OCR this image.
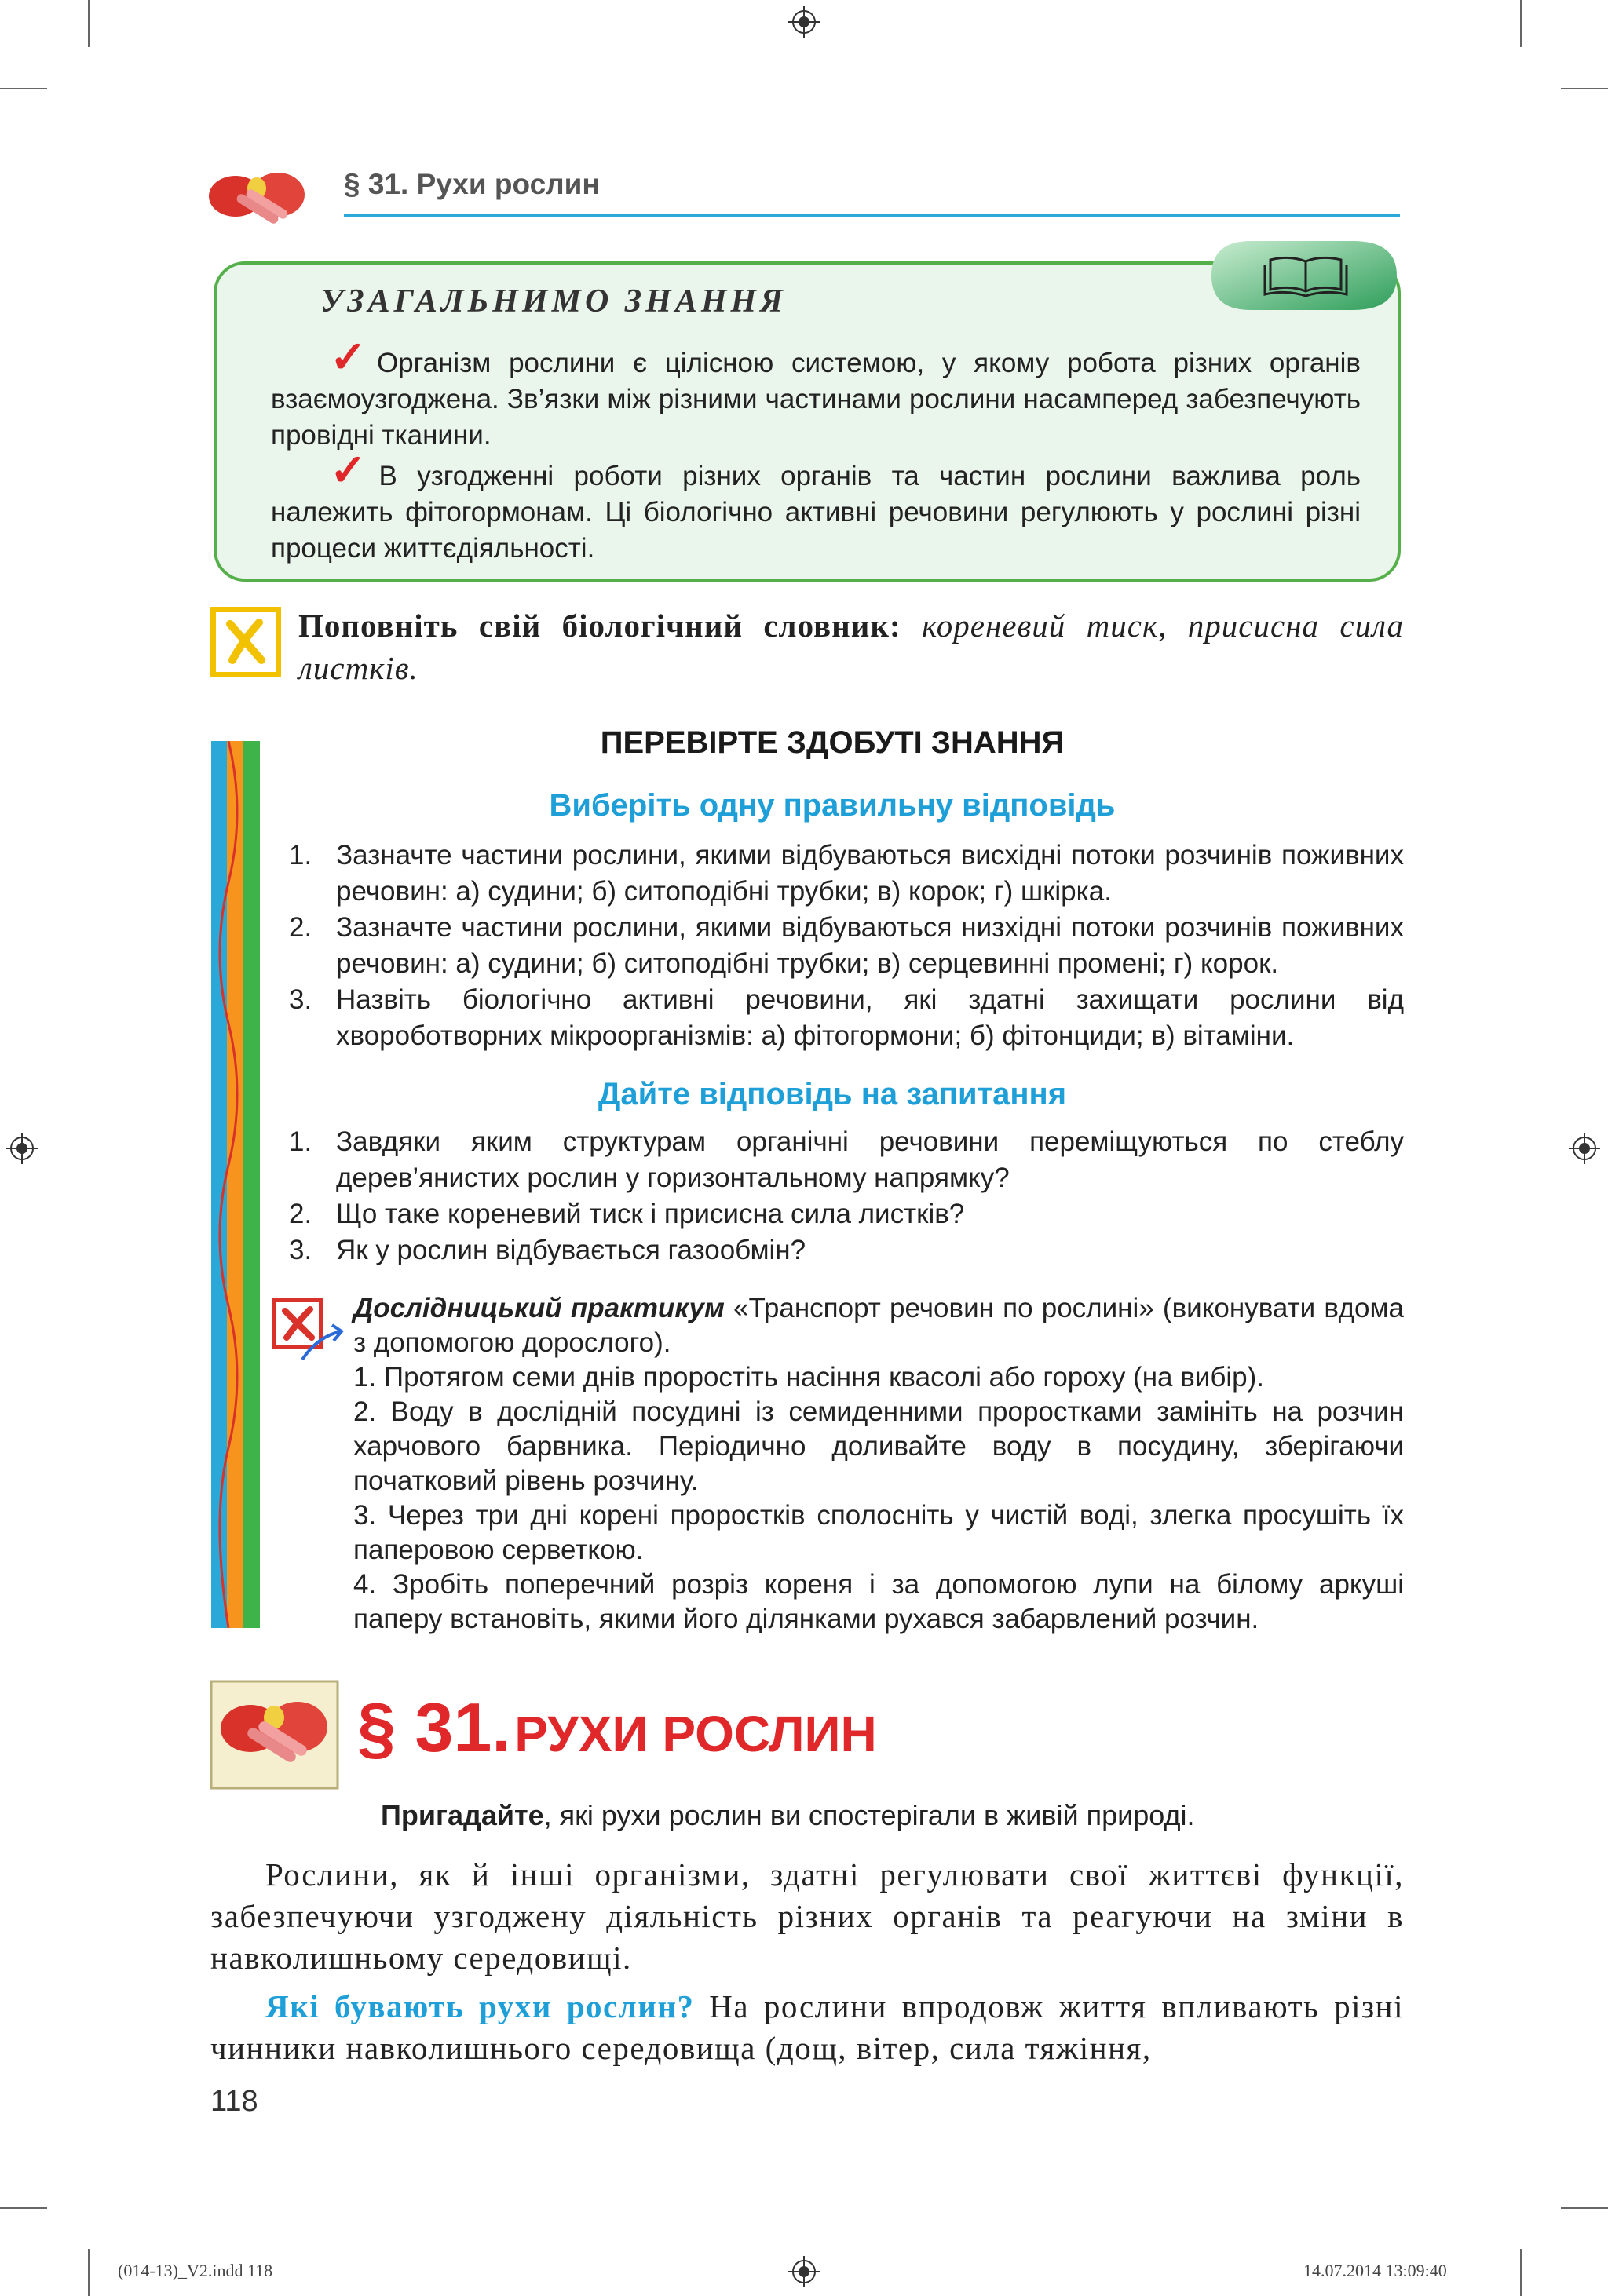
§ 31. Рухи рослин
УЗАГАЛЬНИМО ЗНАННЯ
✓Організм рослини є цілісною системою, у якому робота різних органів взаємоузгоджена. Зв’язки між різними частинами рослини насамперед забезпечують провідні тканини.
✓В узгодженні роботи різних органів та частин рослини важлива роль належить фітогормонам. Ці біологічно активні речовини регулюють у рослині різні процеси життєдіяльності.
Поповніть свій біологічний словник: кореневий тиск, присисна сила листків.
ПЕРЕВІРТЕ ЗДОБУТІ ЗНАННЯ
Виберіть одну правильну відповідь
1. Зазначте частини рослини, якими відбуваються висхідні потоки розчинів поживних речовин: а) судини; б) ситоподібні трубки; в) корок; г) шкірка.
2. Зазначте частини рослини, якими відбуваються низхідні потоки розчинів поживних речовин: а) судини; б) ситоподібні трубки; в) серцевинні промені; г) корок.
3. Назвіть біологічно активні речовини, які здатні захищати рослини від хвороботворних мікроорганізмів: а) фітогормони; б) фітонциди; в) вітаміни.
Дайте відповідь на запитання
1. Завдяки яким структурам органічні речовини переміщуються по стеблу дерев’янистих рослин у горизонтальному напрямку?
2. Що таке кореневий тиск і присисна сила листків?
3. Як у рослин відбувається газообмін?
Дослідницький практикум «Транспорт речовин по рослині» (виконувати вдома з допомогою дорослого).
1. Протягом семи днів проростіть насіння квасолі або гороху (на вибір).
2. Воду в дослідній посудині із семиденними проростками замініть на розчин харчового барвника. Періодично доливайте воду в посудину, зберігаючи початковий рівень розчину.
3. Через три дні корені проростків сполосніть у чистій воді, злегка просушіть їх паперовою серветкою.
4. Зробіть поперечний розріз кореня і за допомогою лупи на білому аркуші паперу встановіть, якими його ділянками рухався забарвлений розчин.
§ 31. РУХИ РОСЛИН
Пригадайте, які рухи рослин ви спостерігали в живій природі.
Рослини, як й інші організми, здатні регулювати свої життєві функції, забезпечуючи узгоджену діяльність різних органів та реагуючи на зміни в навколишньому середовищі.
Які бувають рухи рослин? На рослини впродовж життя впливають різні чинники навколишнього середовища (дощ, вітер, сила тяжіння,
118
(014-13)_V2.indd 118	14.07.2014 13:09:40
